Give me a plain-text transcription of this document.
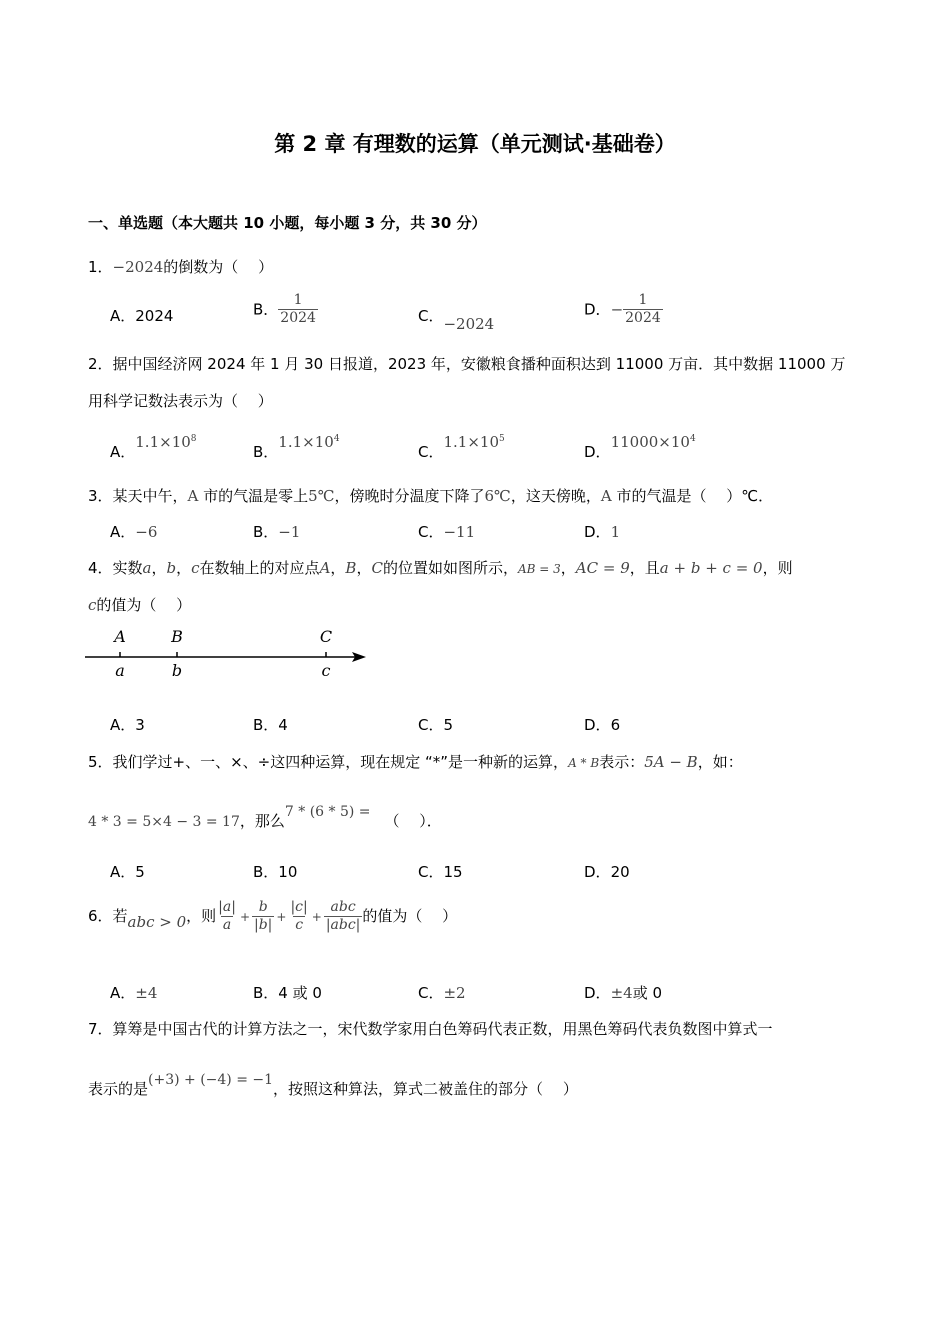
第 2 章 有理数的运算（单元测试·基础卷）
一、单选题（本大题共 10 小题，每小题 3 分，共 30 分）
1．−2024的倒数为（　 ）
A．2024	B． $\frac{1}{2024}$	C．−2024
D．− $\frac{1}{2024}$
2．据中国经济网 2024 年 1 月 30 日报道，2023 年，安徽粮食播种面积达到 11000 万亩．其中数据 11000 万
用科学记数法表示为（　 ）
A．$1.1\times 10^8$
B．$1.1\times 10^4$
C．$1.1\times 10^5$
D．$11000\times 10^4$
3．某天中午，A 市的气温是零上5℃，傍晚时分温度下降了6℃，这天傍晚，A 市的气温是（　 ）℃．
A．−6	B．−1	C．−11	D．1
4．实数a，b，c在数轴上的对应点A，B，C的位置如如图所示，AB = 3，AC = 9，且a + b + c = 0，则
c的值为（　 ）
A	B	C
a	b	c
A．3	B．4	C．5	D．6
5．我们学过+、一、×、÷这四种运算，现在规定 “*”是一种新的运算，A * B表示：5A − B，如：
4 * 3 = 5×4 − 3 = 17，那么7 * (6 * 5) = （　 ）．
A．5	B．10	C．15	D．20
6．若abc > 0，则 $\frac{|a|}{a} + \frac{b}{|b|} + \frac{|c|}{c} + \frac{\text{abc}}{\text{|abc|}}$ 的值为（　 ）
A．±4	B．4 或 0	C．±2	D．±4或 0
7．算筹是中国古代的计算方法之一，宋代数学家用白色筹码代表正数，用黑色筹码代表负数图中算式一
表示的是(+3) + (−4) = −1，按照这种算法，算式二被盖住的部分（　 ）
